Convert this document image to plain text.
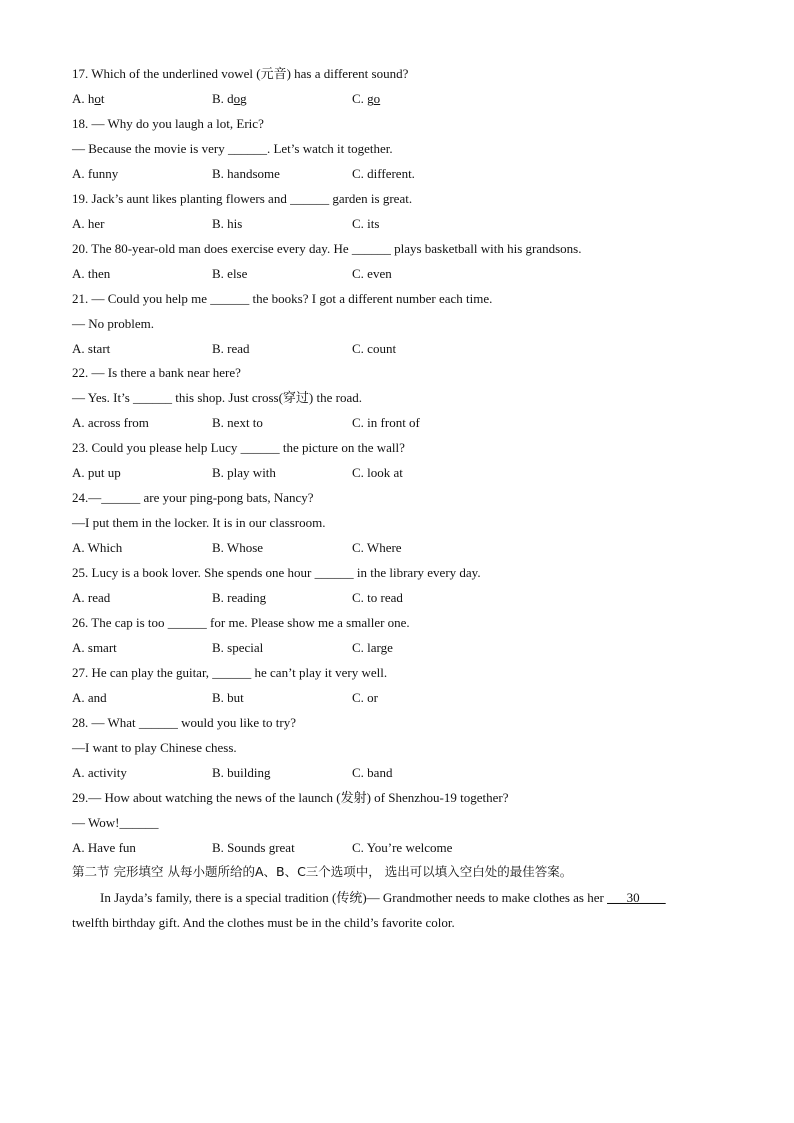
17. Which of the underlined vowel (元音) has a different sound?
A. hot	B. dog	C. go
18. — Why do you laugh a lot, Eric?
— Because the movie is very ______. Let’s watch it together.
A. funny	B. handsome	C. different.
19. Jack’s aunt likes planting flowers and ______ garden is great.
A. her	B. his	C. its
20. The 80-year-old man does exercise every day. He ______ plays basketball with his grandsons.
A. then	B. else	C. even
21. — Could you help me ______ the books? I got a different number each time.
— No problem.
A. start	B. read	C. count
22. — Is there a bank near here?
— Yes. It’s ______ this shop. Just cross(穿过) the road.
A. across from	B. next to	C. in front of
23. Could you please help Lucy ______ the picture on the wall?
A. put up	B. play with	C. look at
24.—______ are your ping-pong bats, Nancy?
—I put them in the locker. It is in our classroom.
A. Which	B. Whose	C. Where
25. Lucy is a book lover. She spends one hour ______ in the library every day.
A. read	B. reading	C. to read
26. The cap is too ______ for me. Please show me a smaller one.
A. smart	B. special	C. large
27. He can play the guitar, ______ he can’t play it very well.
A. and	B. but	C. or
28. — What ______ would you like to try?
—I want to play Chinese chess.
A. activity	B. building	C. band
29.— How about watching the news of the launch (发射) of Shenzhou-19 together?
— Wow!______
A. Have fun	B. Sounds great	C. You’re welcome
第二节 完形填空 从每小题所给的A、B、C三个选项中， 选出可以填入空白处的最佳答案。
In Jayda’s family, there is a special tradition (传统)— Grandmother needs to make clothes as her ___30____
twelfth birthday gift. And the clothes must be in the child’s favorite color.
